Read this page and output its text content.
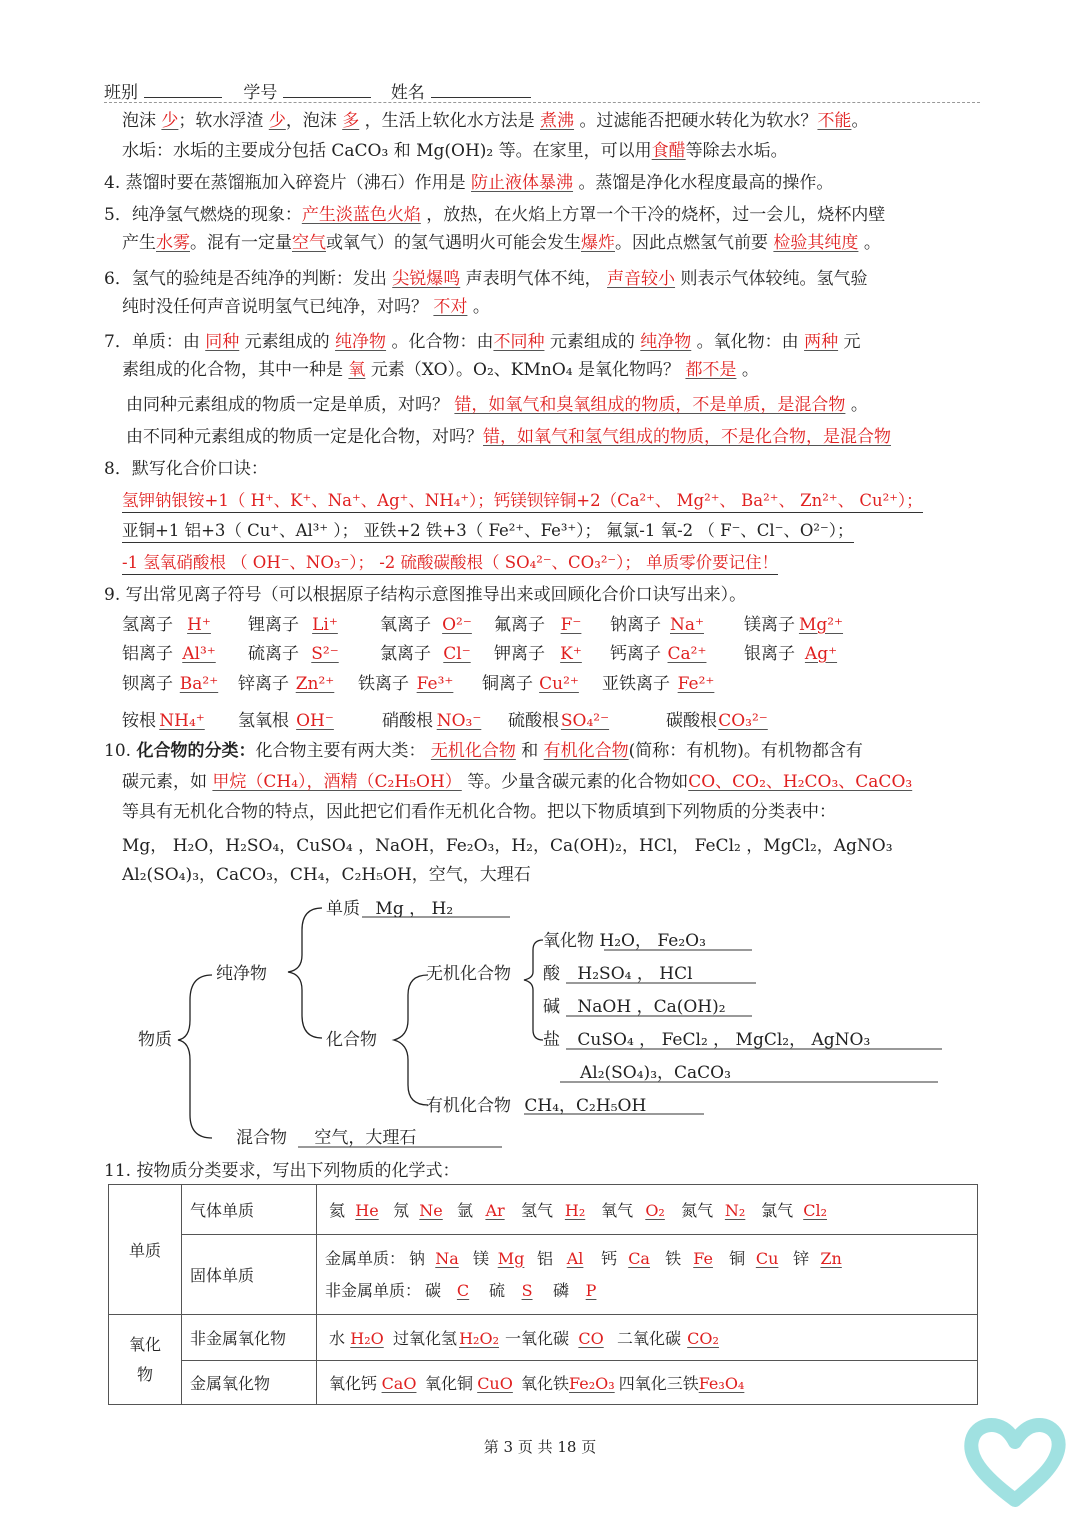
班别	学号	姓名
泡沫 少；软水浮渣 少，泡沫 多 ，生活上软化水方法是 煮沸 。过滤能否把硬水转化为软水？不能。
水垢：水垢的主要成分包括 CaCO₃ 和 Mg(OH)₂ 等。在家里，可以用食醋等除去水垢。
4. 蒸馏时要在蒸馏瓶加入碎瓷片（沸石）作用是 防止液体暴沸 。蒸馏是净化水程度最高的操作。
5．纯净氢气燃烧的现象：产生淡蓝色火焰 ，放热，在火焰上方罩一个干冷的烧杯，过一会儿，烧杯内壁
产生水雾。混有一定量空气或氧气）的氢气遇明火可能会发生爆炸。因此点燃氢气前要 检验其纯度 。
6．氢气的验纯是否纯净的判断：发出 尖锐爆鸣 声表明气体不纯， 声音较小 则表示气体较纯。氢气验
纯时没任何声音说明氢气已纯净，对吗？ 不对 。
7．单质：由 同种 元素组成的 纯净物 。化合物：由不同种 元素组成的 纯净物 。氧化物：由 两种 元
素组成的化合物，其中一种是 氧 元素（XO）。O₂、KMnO₄ 是氧化物吗？ 都不是 。
由同种元素组成的物质一定是单质，对吗？ 错，如氧气和臭氧组成的物质，不是单质，是混合物 。
由不同种元素组成的物质一定是化合物，对吗？错，如氧气和氢气组成的物质，不是化合物，是混合物
8．默写化合价口诀：
氢钾钠银铵+1（ H⁺、K⁺、Na⁺、Ag⁺、NH₄⁺）；钙镁钡锌铜+2（Ca²⁺、 Mg²⁺、 Ba²⁺、 Zn²⁺、 Cu²⁺）；
亚铜+1 铝+3（ Cu⁺、Al³⁺ ）； 亚铁+2 铁+3（ Fe²⁺、Fe³⁺）； 氟氯-1 氧-2 （ F⁻、Cl⁻、O²⁻）；
-1 氢氧硝酸根 （ OH⁻、NO₃⁻）； -2 硫酸碳酸根（ SO₄²⁻、CO₃²⁻）； 单质零价要记住！
9. 写出常见离子符号（可以根据原子结构示意图推导出来或回顾化合价口诀写出来）。
氢离子 H⁺	锂离子 Li⁺	氧离子 O²⁻	氟离子 F⁻	钠离子 Na⁺	镁离子 Mg²⁺
铝离子 Al³⁺	硫离子 S²⁻	氯离子 Cl⁻	钾离子 K⁺	钙离子 Ca²⁺	银离子 Ag⁺
钡离子 Ba²⁺	锌离子 Zn²⁺	铁离子 Fe³⁺	铜离子 Cu²⁺	亚铁离子 Fe²⁺
铵根 NH₄⁺ 氢氧根 OH⁻	硝酸根 NO₃⁻ 硫酸根 SO₄²⁻	碳酸根CO₃²⁻
10. 化合物的分类：化合物主要有两大类： 无机化合物 和 有机化合物(简称：有机物)。有机物都含有
碳元素，如 甲烷（CH₄），酒精（C₂H₅OH） 等。少量含碳元素的化合物如CO、CO₂、H₂CO₃、CaCO₃
等具有无机化合物的特点，因此把它们看作无机化合物。把以下物质填到下列物质的分类表中：
Mg， H₂O，H₂SO₄，CuSO₄ ，NaOH，Fe₂O₃，H₂，Ca(OH)₂，HCl， FeCl₂ ，MgCl₂，AgNO₃
Al₂(SO₄)₃，CaCO₃，CH₄，C₂H₅OH，空气，大理石
物质
纯净物
单质 Mg ， H₂
化合物
无机化合物
氧化物 H₂O， Fe₂O₃
酸 H₂SO₄ ， HCl
碱 NaOH ，Ca(OH)₂
盐 CuSO₄ ， FeCl₂ ， MgCl₂， AgNO₃
Al₂(SO₄)₃，CaCO₃
有机化合物 CH₄，C₂H₅OH
混合物 空气，大理石
11. 按物质分类要求，写出下列物质的化学式：
单质	气体单质	氦 He 氖 Ne 氩 Ar 氢气 H₂ 氧气 O₂ 氮气 N₂ 氯气 Cl₂
	固体单质	金属单质： 钠 Na 镁 Mg 铝 Al 钙 Ca 铁 Fe 铜 Cu 锌 Zn
非金属单质： 碳 C 硫 S 磷 P

氧化
物	非金属氧化物	水 H₂O 过氧化氢 H₂O₂ 一氧化碳 CO 二氧化碳 CO₂
	金属氧化物	氧化钙 CaO 氧化铜 CuO 氧化铁Fe₂O₃ 四氧化三铁Fe₃O₄
第 3 页 共 18 页
